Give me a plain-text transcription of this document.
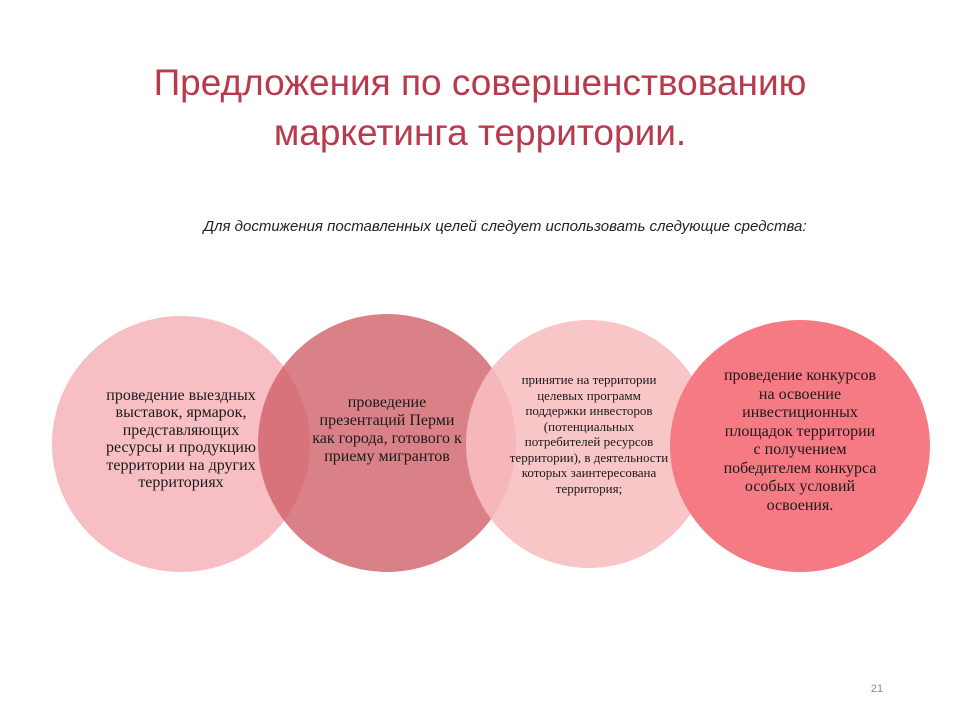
Предложения по совершенствованию маркетинга территории.
Для достижения поставленных целей следует использовать следующие средства:
проведение выездных выставок, ярмарок, представляющих ресурсы и продукцию территории на других территориях
проведение презентаций Перми как города, готового к приему мигрантов
принятие на территории целевых программ поддержки инвесторов (потенциальных потребителей ресурсов территории), в деятельности которых заинтересована территория;
проведение конкурсов на освоение инвестиционных площадок территории с получением победителем конкурса особых условий освоения.
21
